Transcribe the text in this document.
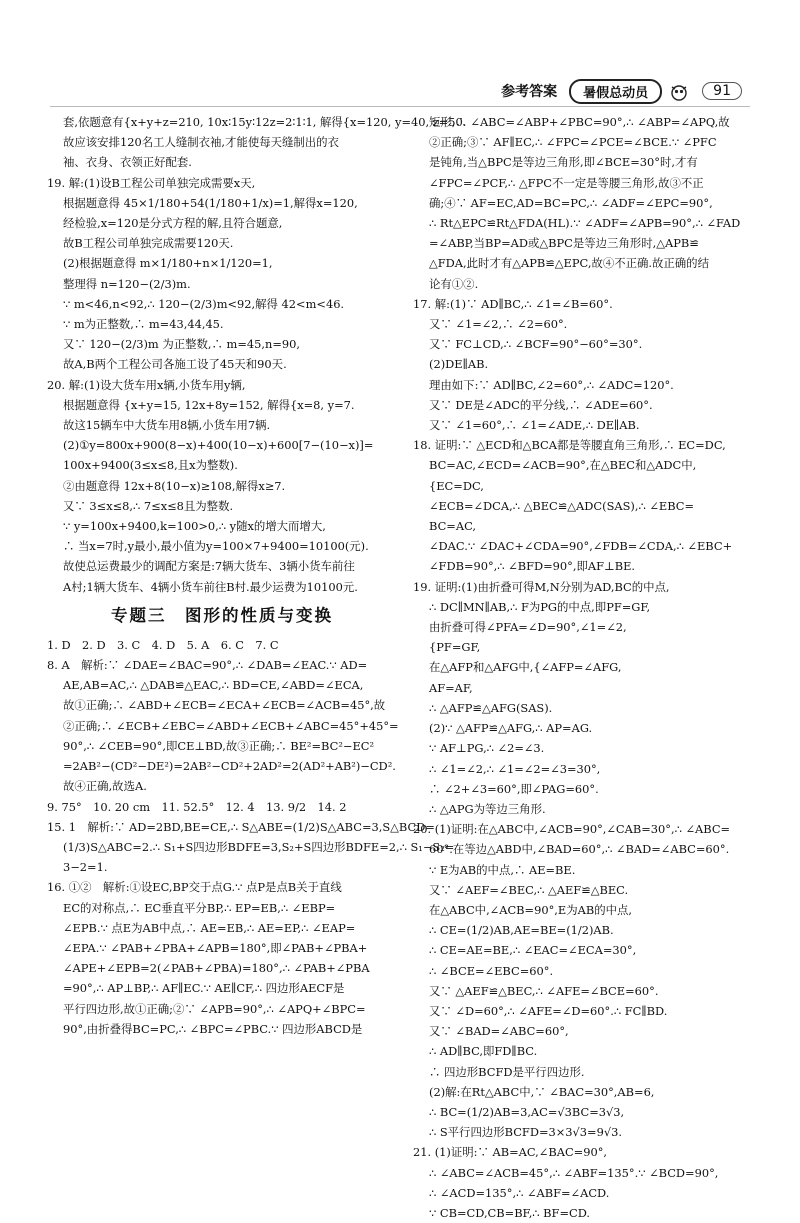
参考答案	暑假总动员	91
套,依题意有{x+y+z=210, 10x∶15y∶12z=2∶1∶1, 解得{x=120, y=40, z=50.
故应该安排120名工人缝制衣袖,才能使每天缝制出的衣
袖、衣身、衣领正好配套.
19. 解:(1)设B工程公司单独完成需要x天,
根据题意得 45×1/180+54(1/180+1/x)=1,解得x=120,
经检验,x=120是分式方程的解,且符合题意,
故B工程公司单独完成需要120天.
(2)根据题意得 m×1/180+n×1/120=1,
整理得 n=120−(2/3)m.
∵ m<46,n<92,∴ 120−(2/3)m<92,解得 42<m<46.
∵ m为正整数,∴ m=43,44,45.
又∵ 120−(2/3)m 为正整数,∴ m=45,n=90,
故A,B两个工程公司各施工设了45天和90天.
20. 解:(1)设大货车用x辆,小货车用y辆,
根据题意得 {x+y=15, 12x+8y=152, 解得{x=8, y=7.
故这15辆车中大货车用8辆,小货车用7辆.
(2)①y=800x+900(8−x)+400(10−x)+600[7−(10−x)]=
100x+9400(3≤x≤8,且x为整数).
②由题意得 12x+8(10−x)≥108,解得x≥7.
又∵ 3≤x≤8,∴ 7≤x≤8且为整数.
∵ y=100x+9400,k=100>0,∴ y随x的增大而增大,
∴ 当x=7时,y最小,最小值为y=100×7+9400=10100(元).
故使总运费最少的调配方案是:7辆大货车、3辆小货车前往
A村;1辆大货车、4辆小货车前往B村.最少运费为10100元.
专题三　图形的性质与变换
1. D　2. D　3. C　4. D　5. A　6. C　7. C
8. A　解析:∵ ∠DAE=∠BAC=90°,∴ ∠DAB=∠EAC.∵ AD=
AE,AB=AC,∴ △DAB≌△EAC,∴ BD=CE,∠ABD=∠ECA,
故①正确;∴ ∠ABD+∠ECB=∠ECA+∠ECB=∠ACB=45°,故
②正确;∴ ∠ECB+∠EBC=∠ABD+∠ECB+∠ABC=45°+45°=
90°,∴ ∠CEB=90°,即CE⊥BD,故③正确;∴ BE²=BC²−EC²
=2AB²−(CD²−DE²)=2AB²−CD²+2AD²=2(AD²+AB²)−CD².
故④正确,故选A.
9. 75°　10. 20 cm　11. 52.5°　12. 4　13. 9/2　14. 2
15. 1　解析:∵ AD=2BD,BE=CE,∴ S△ABE=(1/2)S△ABC=3,S△BCD=
(1/3)S△ABC=2.∴ S₁+S四边形BDFE=3,S₂+S四边形BDFE=2,∴ S₁−S₂=
3−2=1.
16. ①②　解析:①设EC,BP交于点G.∵ 点P是点B关于直线
EC的对称点,∴ EC垂直平分BP,∴ EP=EB,∴ ∠EBP=
∠EPB.∵ 点E为AB中点,∴ AE=EB,∴ AE=EP,∴ ∠EAP=
∠EPA.∵ ∠PAB+∠PBA+∠APB=180°,即∠PAB+∠PBA+
∠APE+∠EPB=2(∠PAB+∠PBA)=180°,∴ ∠PAB+∠PBA
=90°,∴ AP⊥BP,∴ AF∥EC.∵ AE∥CF,∴ 四边形AECF是
平行四边形,故①正确;②∵ ∠APB=90°,∴ ∠APQ+∠BPC=
90°,由折叠得BC=PC,∴ ∠BPC=∠PBC.∵ 四边形ABCD是
矩形,∴ ∠ABC=∠ABP+∠PBC=90°,∴ ∠ABP=∠APQ,故
②正确;③∵ AF∥EC,∴ ∠FPC=∠PCE=∠BCE.∵ ∠PFC
是钝角,当△BPC是等边三角形,即∠BCE=30°时,才有
∠FPC=∠PCF,∴ △FPC不一定是等腰三角形,故③不正
确;④∵ AF=EC,AD=BC=PC,∴ ∠ADF=∠EPC=90°,
∴ Rt△EPC≌Rt△FDA(HL).∵ ∠ADF=∠APB=90°,∴ ∠FAD
=∠ABP,当BP=AD或△BPC是等边三角形时,△APB≌
△FDA,此时才有△APB≌△EPC,故④不正确.故正确的结
论有①②.
17. 解:(1)∵ AD∥BC,∴ ∠1=∠B=60°.
又∵ ∠1=∠2,∴ ∠2=60°.
又∵ FC⊥CD,∴ ∠BCF=90°−60°=30°.
(2)DE∥AB.
理由如下:∵ AD∥BC,∠2=60°,∴ ∠ADC=120°.
又∵ DE是∠ADC的平分线,∴ ∠ADE=60°.
又∵ ∠1=60°,∴ ∠1=∠ADE,∴ DE∥AB.
18. 证明:∵ △ECD和△BCA都是等腰直角三角形,∴ EC=DC,
BC=AC,∠ECD=∠ACB=90°,在△BEC和△ADC中,
{EC=DC,
∠ECB=∠DCA,∴ △BEC≌△ADC(SAS),∴ ∠EBC=
BC=AC,
∠DAC.∵ ∠DAC+∠CDA=90°,∠FDB=∠CDA,∴ ∠EBC+
∠FDB=90°,∴ ∠BFD=90°,即AF⊥BE.
19. 证明:(1)由折叠可得M,N分别为AD,BC的中点,
∴ DC∥MN∥AB,∴ F为PG的中点,即PF=GF,
由折叠可得∠PFA=∠D=90°,∠1=∠2,
{PF=GF,
在△AFP和△AFG中,{∠AFP=∠AFG,
AF=AF,
∴ △AFP≌△AFG(SAS).
(2)∵ △AFP≌△AFG,∴ AP=AG.
∵ AF⊥PG,∴ ∠2=∠3.
∴ ∠1=∠2,∴ ∠1=∠2=∠3=30°,
∴ ∠2+∠3=60°,即∠PAG=60°.
∴ △APG为等边三角形.
20. (1)证明:在△ABC中,∠ACB=90°,∠CAB=30°,∴ ∠ABC=
60°.在等边△ABD中,∠BAD=60°,∴ ∠BAD=∠ABC=60°.
∵ E为AB的中点,∴ AE=BE.
又∵ ∠AEF=∠BEC,∴ △AEF≌△BEC.
在△ABC中,∠ACB=90°,E为AB的中点,
∴ CE=(1/2)AB,AE=BE=(1/2)AB.
∴ CE=AE=BE,∴ ∠EAC=∠ECA=30°,
∴ ∠BCE=∠EBC=60°.
又∵ △AEF≌△BEC,∴ ∠AFE=∠BCE=60°.
又∵ ∠D=60°,∴ ∠AFE=∠D=60°.∴ FC∥BD.
又∵ ∠BAD=∠ABC=60°,
∴ AD∥BC,即FD∥BC.
∴ 四边形BCFD是平行四边形.
(2)解:在Rt△ABC中,∵ ∠BAC=30°,AB=6,
∴ BC=(1/2)AB=3,AC=√3BC=3√3,
∴ S平行四边形BCFD=3×3√3=9√3.
21. (1)证明:∵ AB=AC,∠BAC=90°,
∴ ∠ABC=∠ACB=45°,∴ ∠ABF=135°.∵ ∠BCD=90°,
∴ ∠ACD=135°,∴ ∠ABF=∠ACD.
∵ CB=CD,CB=BF,∴ BF=CD.
